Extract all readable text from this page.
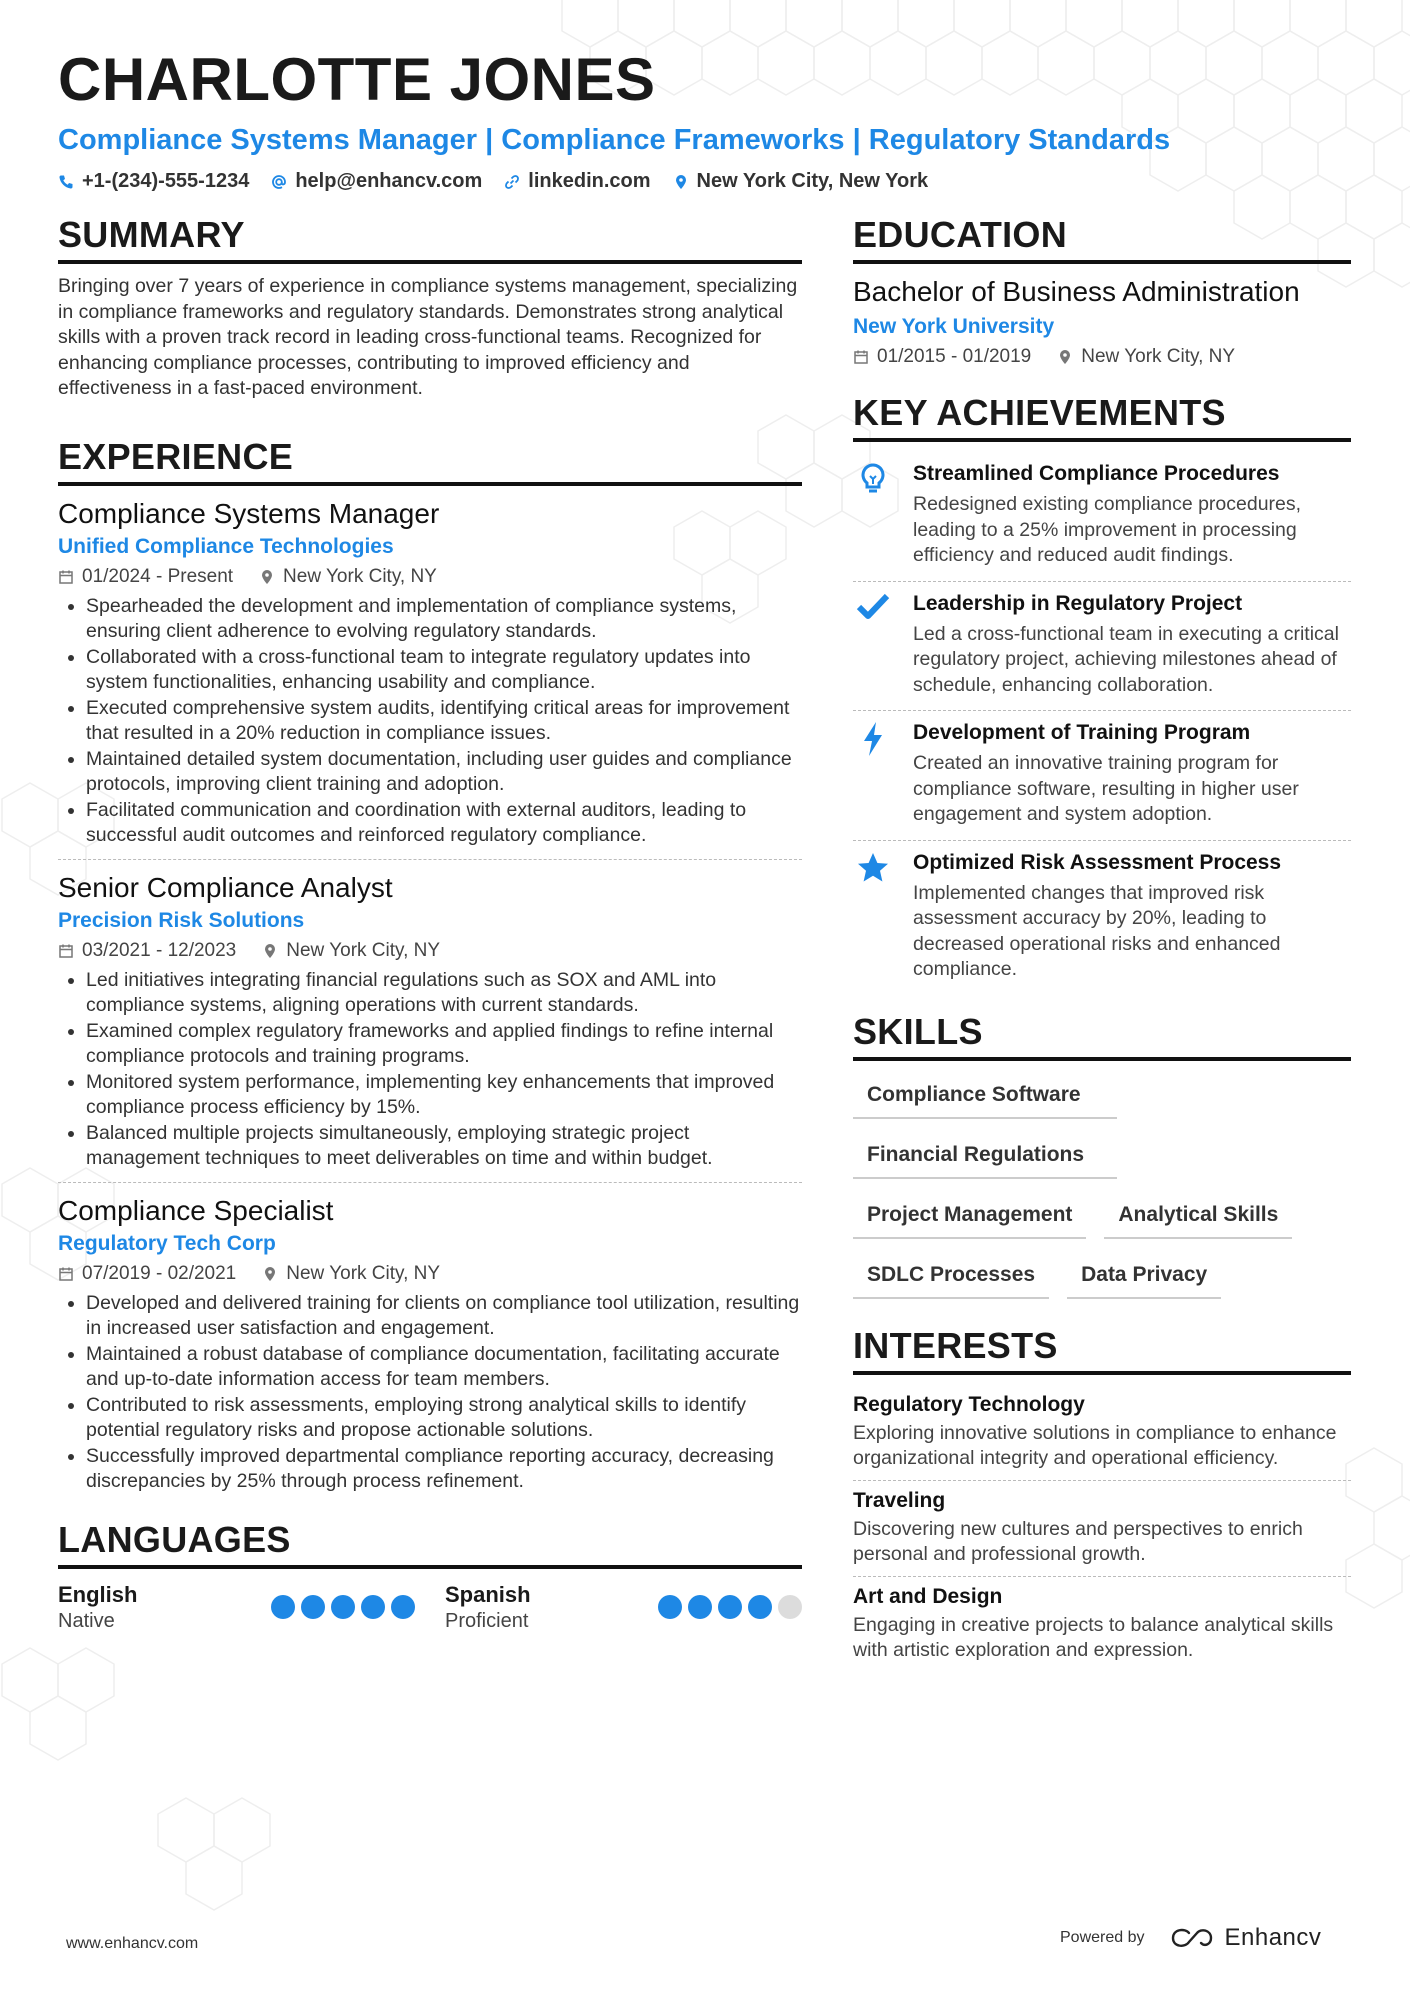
CHARLOTTE JONES
Compliance Systems Manager | Compliance Frameworks | Regulatory Standards
+1-(234)-555-1234 help@enhancv.com linkedin.com New York City, New York
SUMMARY
Bringing over 7 years of experience in compliance systems management, specializing in compliance frameworks and regulatory standards. Demonstrates strong analytical skills with a proven track record in leading cross-functional teams. Recognized for enhancing compliance processes, contributing to improved efficiency and effectiveness in a fast-paced environment.
EXPERIENCE
Compliance Systems Manager
Unified Compliance Technologies
01/2024 - Present	New York City, NY
• Spearheaded the development and implementation of compliance systems, ensuring client adherence to evolving regulatory standards.
• Collaborated with a cross-functional team to integrate regulatory updates into system functionalities, enhancing usability and compliance.
• Executed comprehensive system audits, identifying critical areas for improvement that resulted in a 20% reduction in compliance issues.
• Maintained detailed system documentation, including user guides and compliance protocols, improving client training and adoption.
• Facilitated communication and coordination with external auditors, leading to successful audit outcomes and reinforced regulatory compliance.
Senior Compliance Analyst
Precision Risk Solutions
03/2021 - 12/2023	New York City, NY
• Led initiatives integrating financial regulations such as SOX and AML into compliance systems, aligning operations with current standards.
• Examined complex regulatory frameworks and applied findings to refine internal compliance protocols and training programs.
• Monitored system performance, implementing key enhancements that improved compliance process efficiency by 15%.
• Balanced multiple projects simultaneously, employing strategic project management techniques to meet deliverables on time and within budget.
Compliance Specialist
Regulatory Tech Corp
07/2019 - 02/2021	New York City, NY
• Developed and delivered training for clients on compliance tool utilization, resulting in increased user satisfaction and engagement.
• Maintained a robust database of compliance documentation, facilitating accurate and up-to-date information access for team members.
• Contributed to risk assessments, employing strong analytical skills to identify potential regulatory risks and propose actionable solutions.
• Successfully improved departmental compliance reporting accuracy, decreasing discrepancies by 25% through process refinement.
LANGUAGES
English
Native
Spanish
Proficient
EDUCATION
Bachelor of Business Administration
New York University
01/2015 - 01/2019	New York City, NY
KEY ACHIEVEMENTS
Streamlined Compliance Procedures
Redesigned existing compliance procedures, leading to a 25% improvement in processing efficiency and reduced audit findings.
Leadership in Regulatory Project
Led a cross-functional team in executing a critical regulatory project, achieving milestones ahead of schedule, enhancing collaboration.
Development of Training Program
Created an innovative training program for compliance software, resulting in higher user engagement and system adoption.
Optimized Risk Assessment Process
Implemented changes that improved risk assessment accuracy by 20%, leading to decreased operational risks and enhanced compliance.
SKILLS
Compliance Software
Financial Regulations
Project Management	Analytical Skills
SDLC Processes	Data Privacy
INTERESTS
Regulatory Technology
Exploring innovative solutions in compliance to enhance organizational integrity and operational efficiency.
Traveling
Discovering new cultures and perspectives to enrich personal and professional growth.
Art and Design
Engaging in creative projects to balance analytical skills with artistic exploration and expression.
www.enhancv.com	Powered by	Enhancv
